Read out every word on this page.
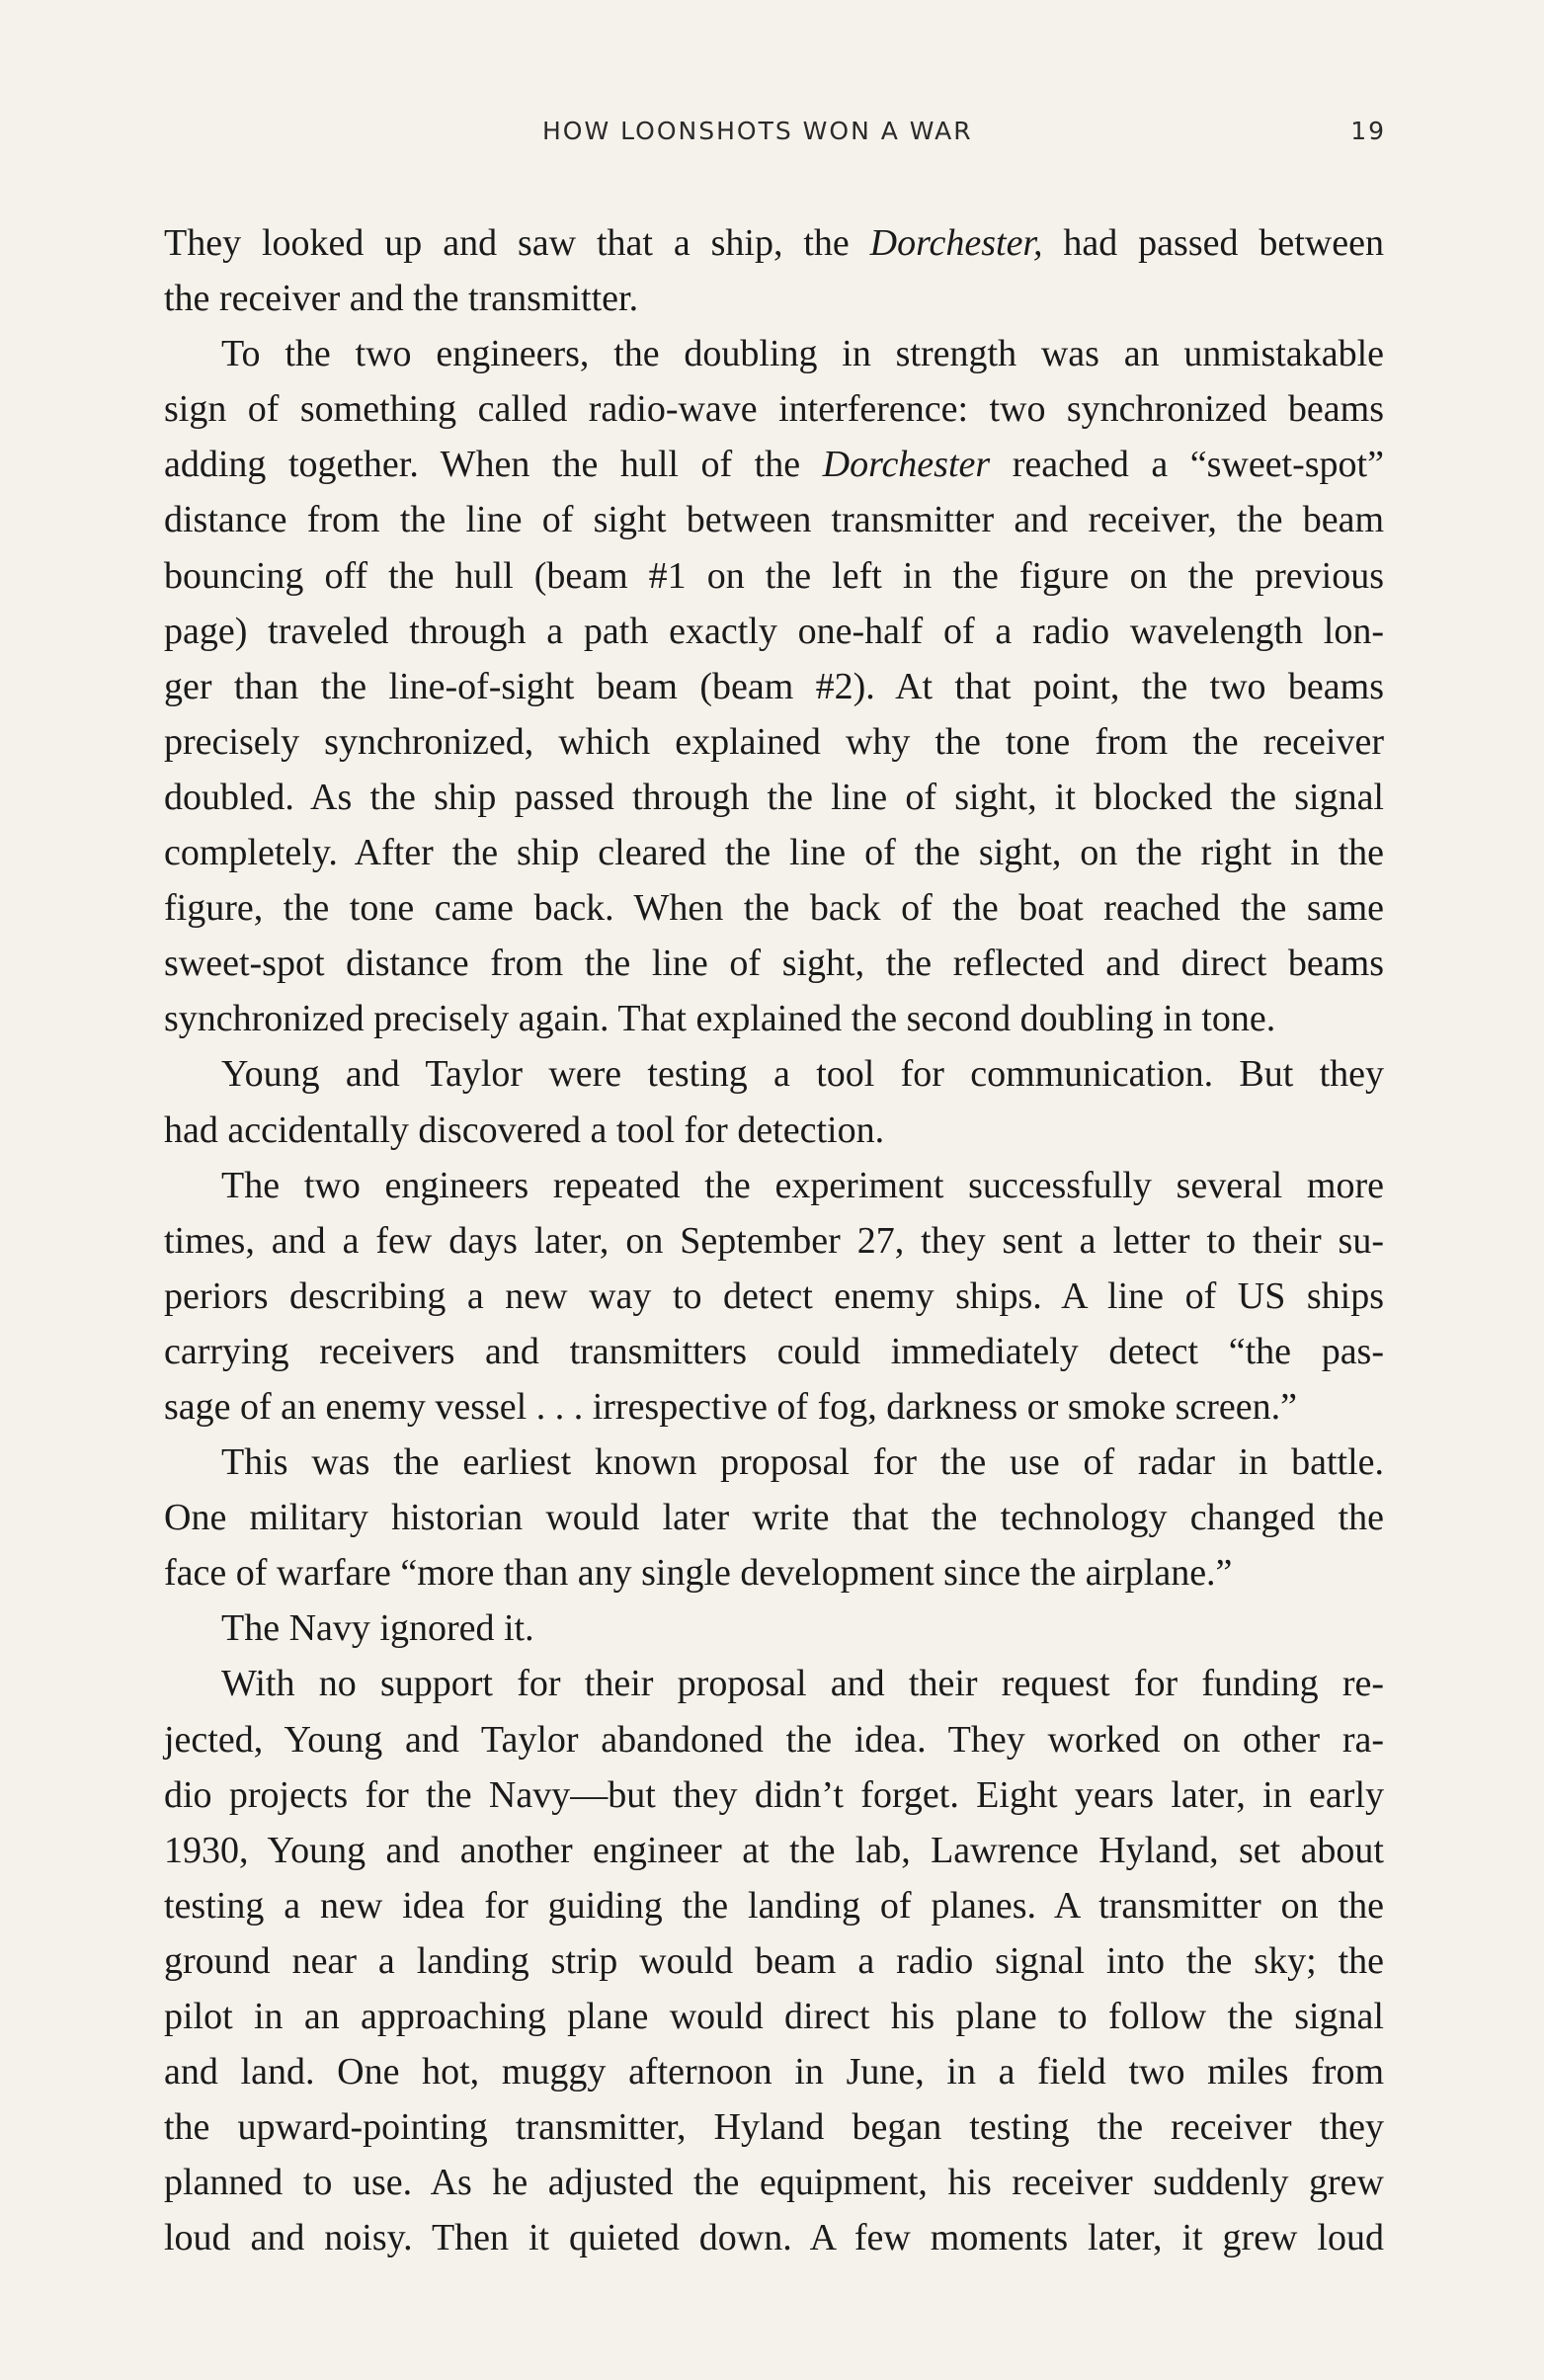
HOW LOONSHOTS WON A WAR	19
They looked up and saw that a ship, the Dorchester, had passed between
the receiver and the transmitter.
To the two engineers, the doubling in strength was an unmistakable
sign of something called radio-wave interference: two synchronized beams
adding together. When the hull of the Dorchester reached a “sweet-spot”
distance from the line of sight between transmitter and receiver, the beam
bouncing off the hull (beam #1 on the left in the figure on the previous
page) traveled through a path exactly one-half of a radio wavelength lon-
ger than the line-of-sight beam (beam #2). At that point, the two beams
precisely synchronized, which explained why the tone from the receiver
doubled. As the ship passed through the line of sight, it blocked the signal
completely. After the ship cleared the line of the sight, on the right in the
figure, the tone came back. When the back of the boat reached the same
sweet-spot distance from the line of sight, the reflected and direct beams
synchronized precisely again. That explained the second doubling in tone.
Young and Taylor were testing a tool for communication. But they
had accidentally discovered a tool for detection.
The two engineers repeated the experiment successfully several more
times, and a few days later, on September 27, they sent a letter to their su-
periors describing a new way to detect enemy ships. A line of US ships
carrying receivers and transmitters could immediately detect “the pas-
sage of an enemy vessel . . . irrespective of fog, darkness or smoke screen.”
This was the earliest known proposal for the use of radar in battle.
One military historian would later write that the technology changed the
face of warfare “more than any single development since the airplane.”
The Navy ignored it.
With no support for their proposal and their request for funding re-
jected, Young and Taylor abandoned the idea. They worked on other ra-
dio projects for the Navy—but they didn’t forget. Eight years later, in early
1930, Young and another engineer at the lab, Lawrence Hyland, set about
testing a new idea for guiding the landing of planes. A transmitter on the
ground near a landing strip would beam a radio signal into the sky; the
pilot in an approaching plane would direct his plane to follow the signal
and land. One hot, muggy afternoon in June, in a field two miles from
the upward-pointing transmitter, Hyland began testing the receiver they
planned to use. As he adjusted the equipment, his receiver suddenly grew
loud and noisy. Then it quieted down. A few moments later, it grew loud
